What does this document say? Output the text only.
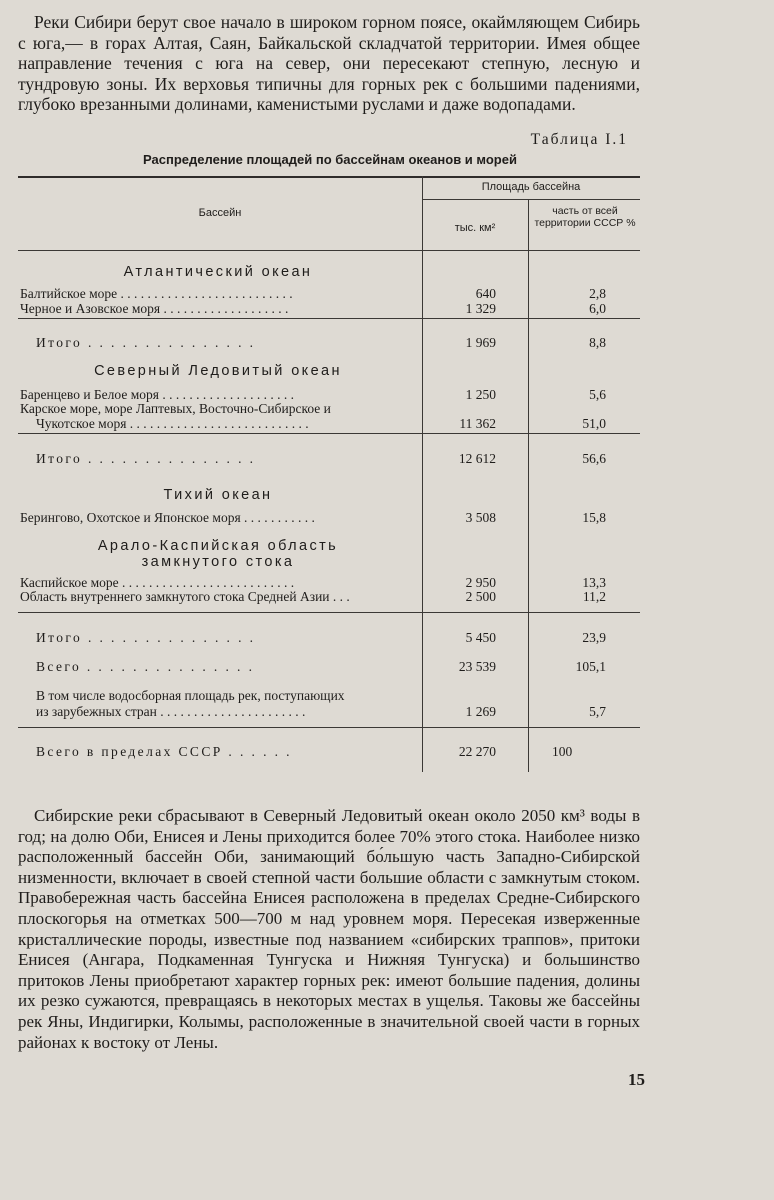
Реки Сибири берут свое начало в широком горном поясе, окаймляющем Сибирь с юга,— в горах Алтая, Саян, Байкальской складчатой территории. Имея общее направление течения с юга на север, они пересекают степную, лесную и тундровую зоны. Их верховья типичны для горных рек с большими падениями, глубоко врезанными долинами, каменистыми руслами и даже водопадами.

Таблица I.1
Распределение площадей по бассейнам океанов и морей
Бассейн
Площадь бассейна
тыс. км²
часть от всей территории СССР %
Атлантический океан
Балтийское море . . . . . . . . . . . . . . . . . . . . . . . . . .	640	2,8
Черное и Азовское моря . . . . . . . . . . . . . . . . . . .	1 329	6,0
Итого . . . . . . . . . . . . . . .	1 969	8,8
Северный Ледовитый океан
Баренцево и Белое моря . . . . . . . . . . . . . . . . . . . .	1 250	5,6
Карское море, море Лаптевых, Восточно-Сибирское и
Чукотское моря . . . . . . . . . . . . . . . . . . . . . . . . . . .	11 362	51,0
Итого . . . . . . . . . . . . . . .	12 612	56,6
Тихий океан
Берингово, Охотское и Японское моря . . . . . . . . . . .	3 508	15,8
Арало-Каспийская область
замкнутого стока
Каспийское море . . . . . . . . . . . . . . . . . . . . . . . . . .	2 950	13,3
Область внутреннего замкнутого стока Средней Азии . . .	2 500	11,2
Итого . . . . . . . . . . . . . . .	5 450	23,9
Всего . . . . . . . . . . . . . . .	23 539	105,1
В том числе водосборная площадь рек, поступающих
из зарубежных стран . . . . . . . . . . . . . . . . . . . . . .	1 269	5,7
Всего в пределах СССР . . . . . .	22 270	100

Сибирские реки сбрасывают в Северный Ледовитый океан около 2050 км³ воды в год; на долю Оби, Енисея и Лены приходится более 70% этого стока. Наиболее низко расположенный бассейн Оби, занимающий бо́льшую часть Западно-Сибирской низменности, включает в своей степной части большие области с замкнутым стоком. Правобережная часть бассейна Енисея расположена в пределах Средне-Сибирского плоскогорья на отметках 500—700 м над уровнем моря. Пересекая изверженные кристаллические породы, известные под названием «сибирских траппов», притоки Енисея (Ангара, Подкаменная Тунгуска и Нижняя Тунгуска) и большинство притоков Лены приобретают характер горных рек: имеют большие падения, долины их резко сужаются, превращаясь в некоторых местах в ущелья. Таковы же бассейны рек Яны, Индигирки, Колымы, расположенные в значительной своей части в горных районах к востоку от Лены.

15
